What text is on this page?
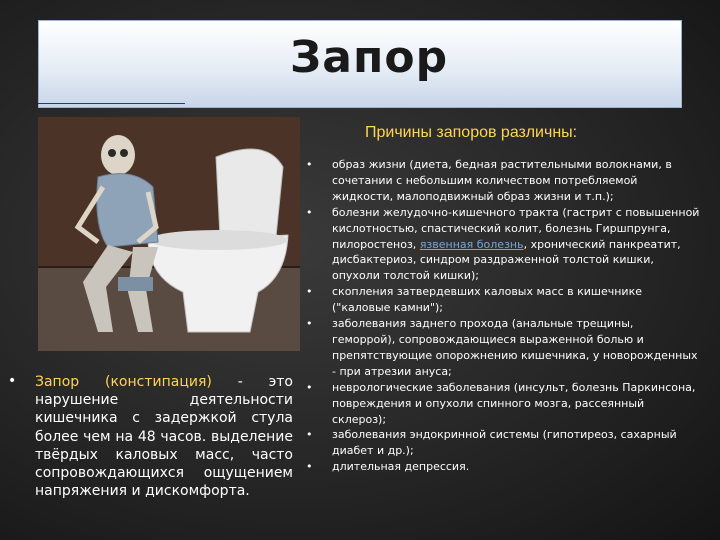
Запор
Причины запоров различны:
• Запор (констипация) - это нарушение деятельности кишечника с задержкой стула более чем на 48 часов. выделение твёрдых каловых масс, часто сопровождающихся ощущением напряжения и дискомфорта.
• образ жизни (диета, бедная растительными волокнами, в сочетании с небольшим количеством потребляемой жидкости, малоподвижный образ жизни и т.п.);
• болезни желудочно-кишечного тракта (гастрит с повышенной кислотностью, спастический колит, болезнь Гиршпрунга, пилоростеноз, язвенная болезнь, хронический панкреатит, дисбактериоз, синдром раздраженной толстой кишки, опухоли толстой кишки);
• скопления затвердевших каловых масс в кишечнике ("каловые камни");
• заболевания заднего прохода (анальные трещины, геморрой), сопровождающиеся выраженной болью и препятствующие опорожнению кишечника, у новорожденных - при атрезии ануса;
• неврологические заболевания (инсульт, болезнь Паркинсона, повреждения и опухоли спинного мозга, рассеянный склероз);
• заболевания эндокринной системы (гипотиреоз, сахарный диабет и др.);
• длительная депрессия.
